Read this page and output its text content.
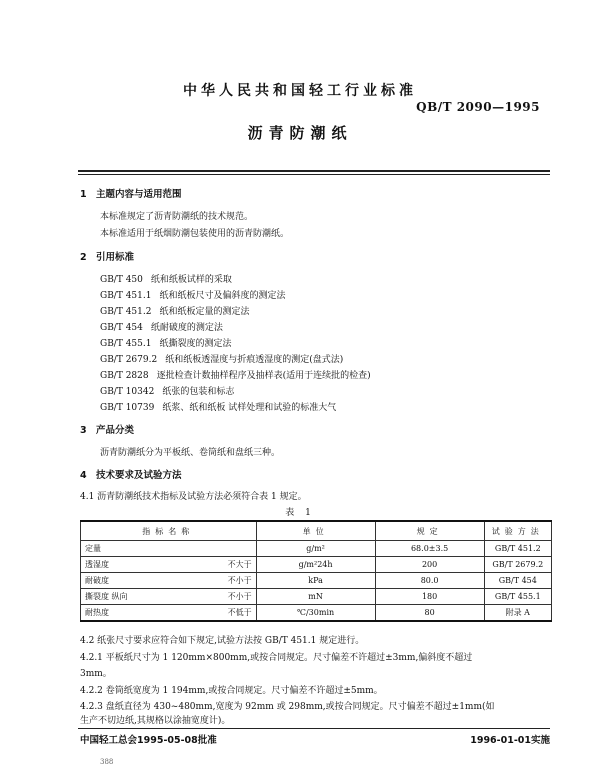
中华人民共和国轻工行业标准
QB/T 2090—1995
沥青防潮纸
1 主题内容与适用范围
本标准规定了沥青防潮纸的技术规范。
本标准适用于纸烟防潮包装使用的沥青防潮纸。
2 引用标准
GB/T 450 纸和纸板试样的采取
GB/T 451.1 纸和纸板尺寸及偏斜度的测定法
GB/T 451.2 纸和纸板定量的测定法
GB/T 454 纸耐破度的测定法
GB/T 455.1 纸撕裂度的测定法
GB/T 2679.2 纸和纸板透湿度与折痕透湿度的测定(盘式法)
GB/T 2828 逐批检查计数抽样程序及抽样表(适用于连续批的检查)
GB/T 10342 纸张的包装和标志
GB/T 10739 纸浆、纸和纸板 试样处理和试验的标准大气
3 产品分类
沥青防潮纸分为平板纸、卷筒纸和盘纸三种。
4 技术要求及试验方法
4.1 沥青防潮纸技术指标及试验方法必须符合表 1 规定。
表 1
指标名称		单位	规定	试验方法
定量		g/m²	68.0±3.5	GB/T 451.2
透湿度	不大于	g/m²24h	200	GB/T 2679.2
耐破度	不小于	kPa	80.0	GB/T 454
撕裂度 纵向	不小于	mN	180	GB/T 455.1
耐热度	不低于	℃/30min	80	附录 A
4.2 纸张尺寸要求应符合如下规定,试验方法按 GB/T 451.1 规定进行。
4.2.1 平板纸尺寸为 1 120mm×800mm,或按合同规定。尺寸偏差不许超过±3mm,偏斜度不超过
3mm。
4.2.2 卷筒纸宽度为 1 194mm,或按合同规定。尺寸偏差不许超过±5mm。
4.2.3 盘纸直径为 430~480mm,宽度为 92mm 或 298mm,或按合同规定。尺寸偏差不超过±1mm(如
生产不切边纸,其规格以涂抽宽度计)。
中国轻工总会1995-05-08批准	1996-01-01实施
388
